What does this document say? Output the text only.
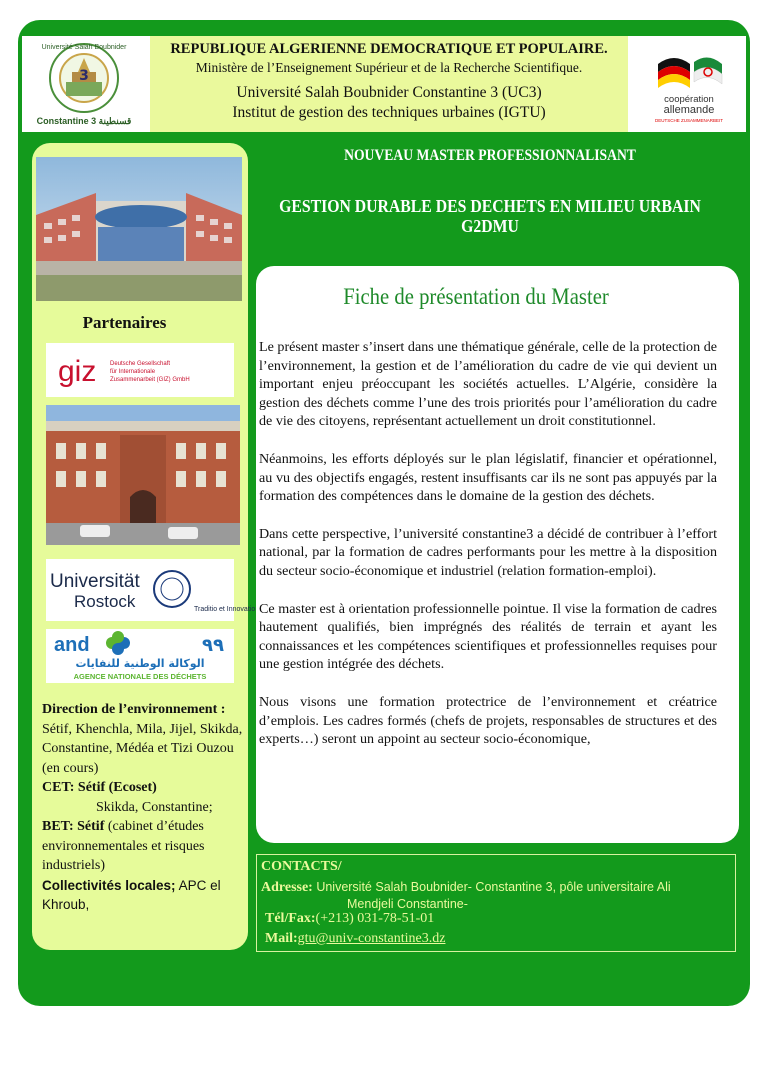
3
Université Salah Boubnider
Constantine 3 قسنطينة
REPUBLIQUE ALGERIENNE DEMOCRATIQUE ET POPULAIRE.
Ministère de l’Enseignement Supérieur et de la Recherche Scientifique.
Université Salah Boubnider Constantine 3 (UC3)
Institut de gestion des techniques urbaines (IGTU)
coopération
allemande
DEUTSCHE ZUSAMMENARBEIT
Partenaires
giz Deutsche Gesellschaft
für Internationale
Zusammenarbeit (GIZ) GmbH
Universität
Rostock	Traditio et Innovatio
and	٩٩
الوكالة الوطنية للنفايات
AGENCE NATIONALE DES DÉCHETS
Direction de l’environnement :
Sétif, Khenchla, Mila, Jijel, Skikda, Constantine, Médéa et Tizi Ouzou (en cours)
CET: Sétif (Ecoset)
Skikda, Constantine;
BET: Sétif (cabinet d’études environnementales et risques industriels)
Collectivités locales; APC el Khroub,
NOUVEAU MASTER PROFESSIONNALISANT
GESTION DURABLE DES DECHETS EN MILIEU URBAIN
G2DMU
Fiche de présentation du Master

Le présent master s’insert dans une thématique générale, celle de la protection de l’environnement, la gestion et de l’amélioration du cadre de vie qui devient un important enjeu préoccupant les sociétés actuelles. L’Algérie, considère la gestion des déchets comme l’une des trois priorités pour l’amélioration du cadre de vie des citoyens, représentant actuellement un droit constitutionnel.

Néanmoins, les efforts déployés sur le plan législatif, financier et opérationnel, au vu des objectifs engagés, restent insuffisants car ils ne sont pas appuyés par la formation des compétences dans le domaine de la gestion des déchets.

Dans cette perspective, l’université constantine3 a décidé de contribuer à l’effort national, par la formation de cadres performants pour les mettre à la disposition du secteur socio-économique et industriel (relation formation-emploi).

Ce master est à orientation professionnelle pointue. Il vise la formation de cadres hautement qualifiés, bien imprégnés des réalités de terrain et ayant les connaissances et les compétences scientifiques et professionnelles requises pour une gestion intégrée des déchets.

Nous visons une formation protectrice de l’environnement et créatrice d’emplois. Les cadres formés (chefs de projets, responsables de structures et des experts…) seront un appoint au secteur socio-économique,

CONTACTS/
Adresse: Université Salah Boubnider- Constantine 3, pôle universitaire Ali
Mendjeli Constantine-
Tél/Fax:(+213) 031-78-51-01
Mail:gtu@univ-constantine3.dz
